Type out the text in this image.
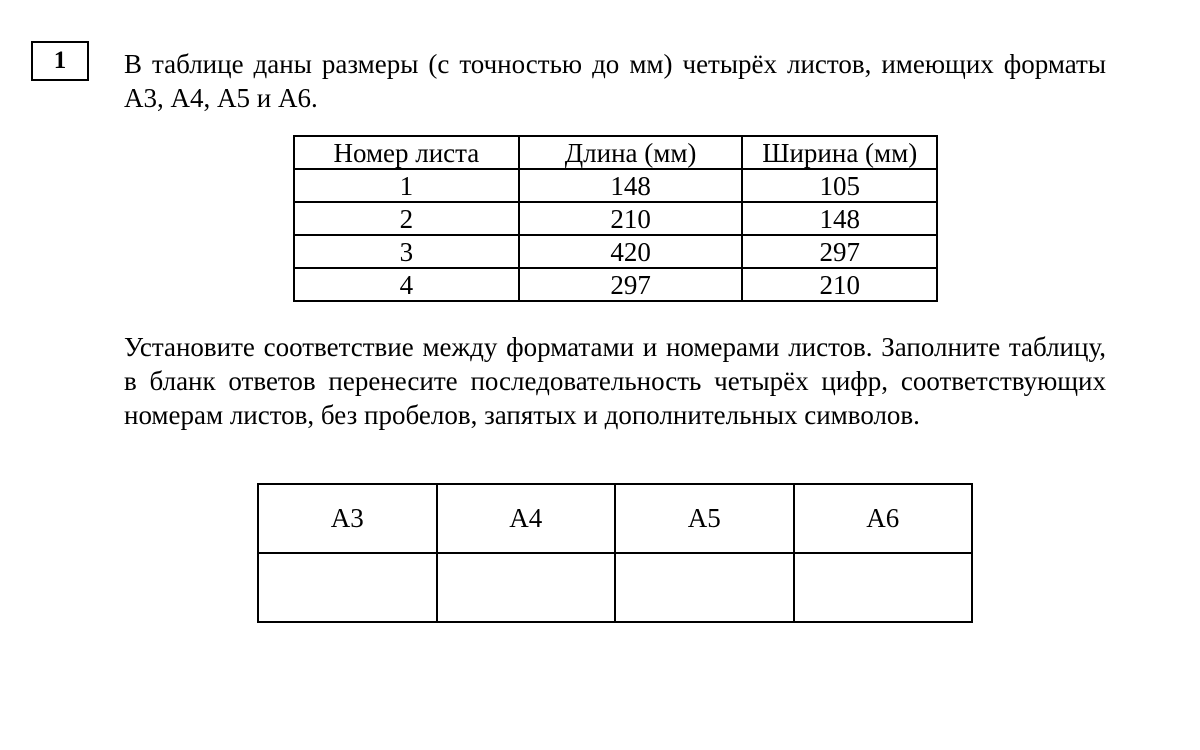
1 В таблице даны размеры (с точностью до мм) четырёх листов, имеющих форматы А3, А4, А5 и А6.

Номер листа	Длина (мм)	Ширина (мм)
1	148	105
2	210	148
3	420	297
4	297	210

Установите соответствие между форматами и номерами листов. Заполните таблицу, в бланк ответов перенесите последовательность четырёх цифр, соответствующих номерам листов, без пробелов, запятых и дополнительных символов.

А3	А4	А5	А6
